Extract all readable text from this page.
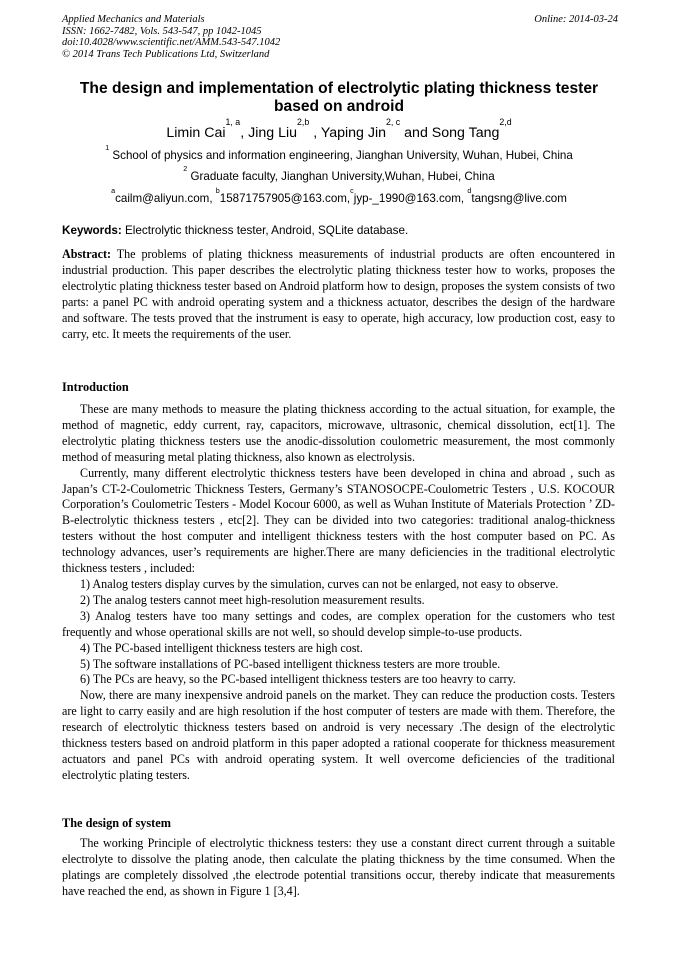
Applied Mechanics and Materials
ISSN: 1662-7482, Vols. 543-547, pp 1042-1045
doi:10.4028/www.scientific.net/AMM.543-547.1042
© 2014 Trans Tech Publications Ltd, Switzerland
Online: 2014-03-24
The design and implementation of electrolytic plating thickness tester
based on android
Limin Cai$^{1, a}$, Jing Liu$^{2,b}$ , Yaping Jin$^{2, c}$ and Song Tang$^{2,d}$
$^1$ School of physics and information engineering, Jianghan University, Wuhan, Hubei, China
$^2$ Graduate faculty, Jianghan University,Wuhan, Hubei, China
$^a$cailm@aliyun.com, $^b$15871757905@163.com,$^c$jyp-_1990@163.com, $^d$tangsng@live.com
Keywords: Electrolytic thickness tester, Android, SQLite database.

Abstract: The problems of plating thickness measurements of industrial products are often encountered in industrial production. This paper describes the electrolytic plating thickness tester how to works, proposes the electrolytic plating thickness tester based on Android platform how to design, proposes the system consists of two parts: a panel PC with android operating system and a thickness actuator, describes the design of the hardware and software. The tests proved that the instrument is easy to operate, high accuracy, low production cost, easy to carry, etc. It meets the requirements of the user.

Introduction

These are many methods to measure the plating thickness according to the actual situation, for example, the method of magnetic, eddy current, ray, capacitors, microwave, ultrasonic, chemical dissolution, ect[1]. The electrolytic plating thickness testers use the anodic-dissolution coulometric measurement, the most commonly method of measuring metal plating thickness, also known as electrolysis.

Currently, many different electrolytic thickness testers have been developed in china and abroad , such as Japan’s CT-2-Coulometric Thickness Testers, Germany’s STANOSOCPE-Coulometric Testers , U.S. KOCOUR Corporation’s Coulometric Testers - Model Kocour 6000, as well as Wuhan Institute of Materials Protection ’ ZD-B-electrolytic thickness testers , etc[2]. They can be divided into two categories: traditional analog-thickness testers without the host computer and intelligent thickness testers with the host computer based on PC. As technology advances, user’s requirements are higher.There are many deficiencies in the traditional electrolytic thickness testers , included:

1) Analog testers display curves by the simulation, curves can not be enlarged, not easy to observe.

2) The analog testers cannot meet high-resolution measurement results.

3) Analog testers have too many settings and codes, are complex operation for the customers who test frequently and whose operational skills are not well, so should develop simple-to-use products.

4) The PC-based intelligent thickness testers are high cost.

5) The software installations of PC-based intelligent thickness testers are more trouble.

6) The PCs are heavy, so the PC-based intelligent thickness testers are too heavry to carry.

Now, there are many inexpensive android panels on the market. They can reduce the production costs. Testers are light to carry easily and are high resolution if the host computer of testers are made with them. Therefore, the research of electrolytic thickness testers based on android is very necessary .The design of the electrolytic thickness testers based on android platform in this paper adopted a rational cooperate for thickness measurement actuators and panel PCs with android operating system. It well overcome deficiencies of the traditional electrolytic plating testers.

The design of system

The working Principle of electrolytic thickness testers: they use a constant direct current through a suitable electrolyte to dissolve the plating anode, then calculate the plating thickness by the time consumed. When the platings are completely dissolved ,the electrode potential transitions occur, thereby indicate that measurements have reached the end, as shown in Figure 1 [3,4].
